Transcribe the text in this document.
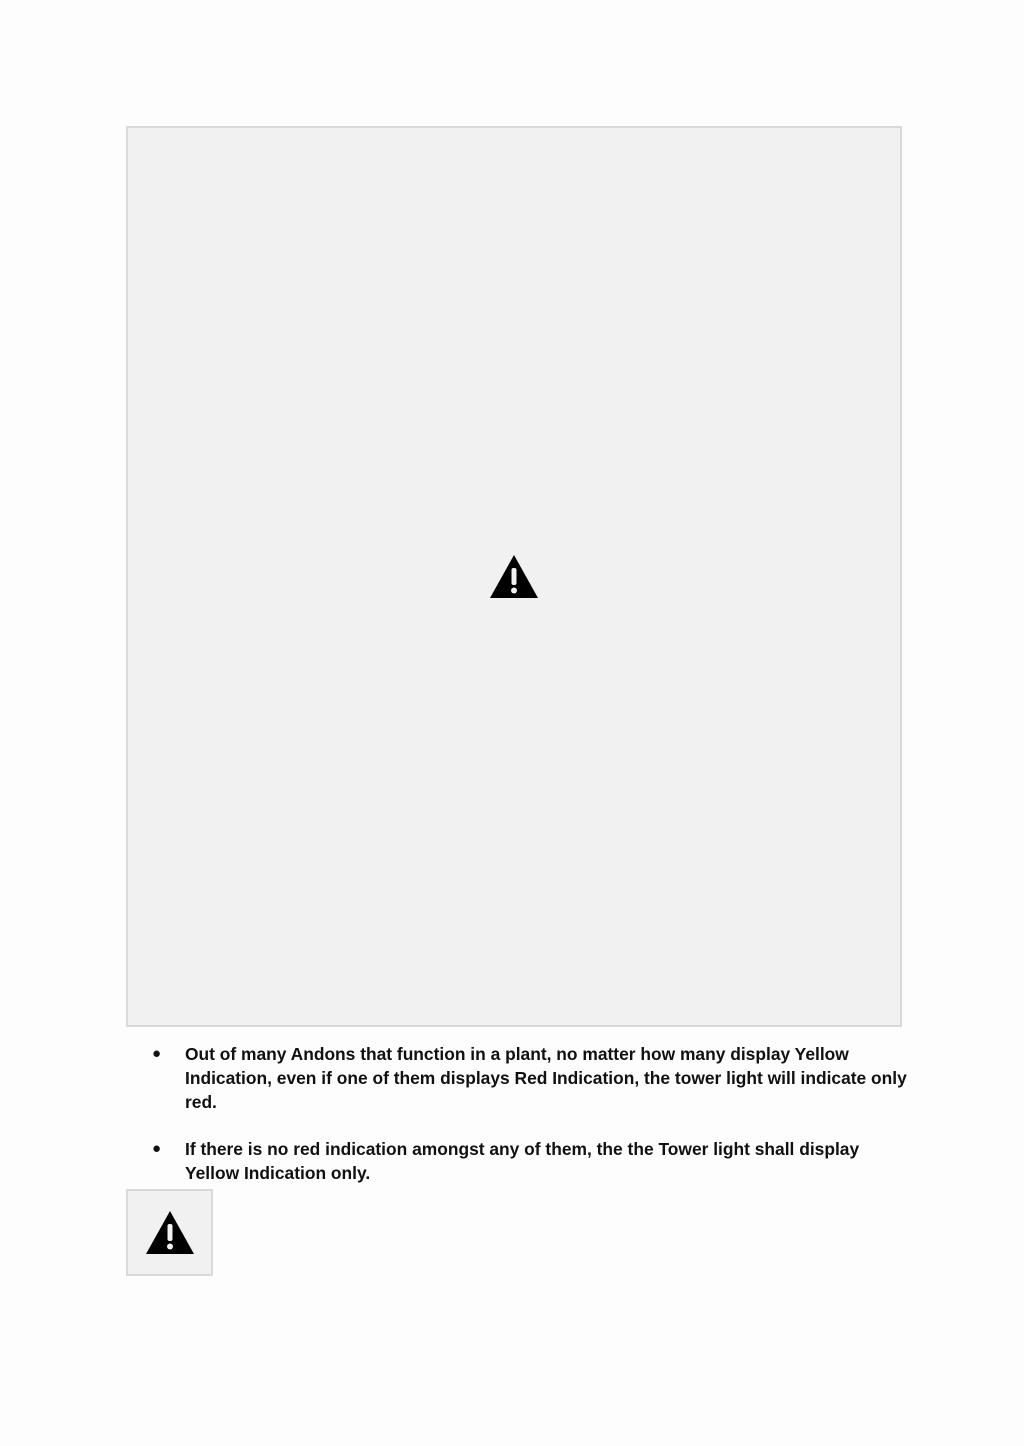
●	Out of many Andons that function in a plant, no matter how many display Yellow Indication, even if one of them displays Red Indication, the tower light will indicate only red.
●	If there is no red indication amongst any of them, the the Tower light shall display Yellow Indication only.
